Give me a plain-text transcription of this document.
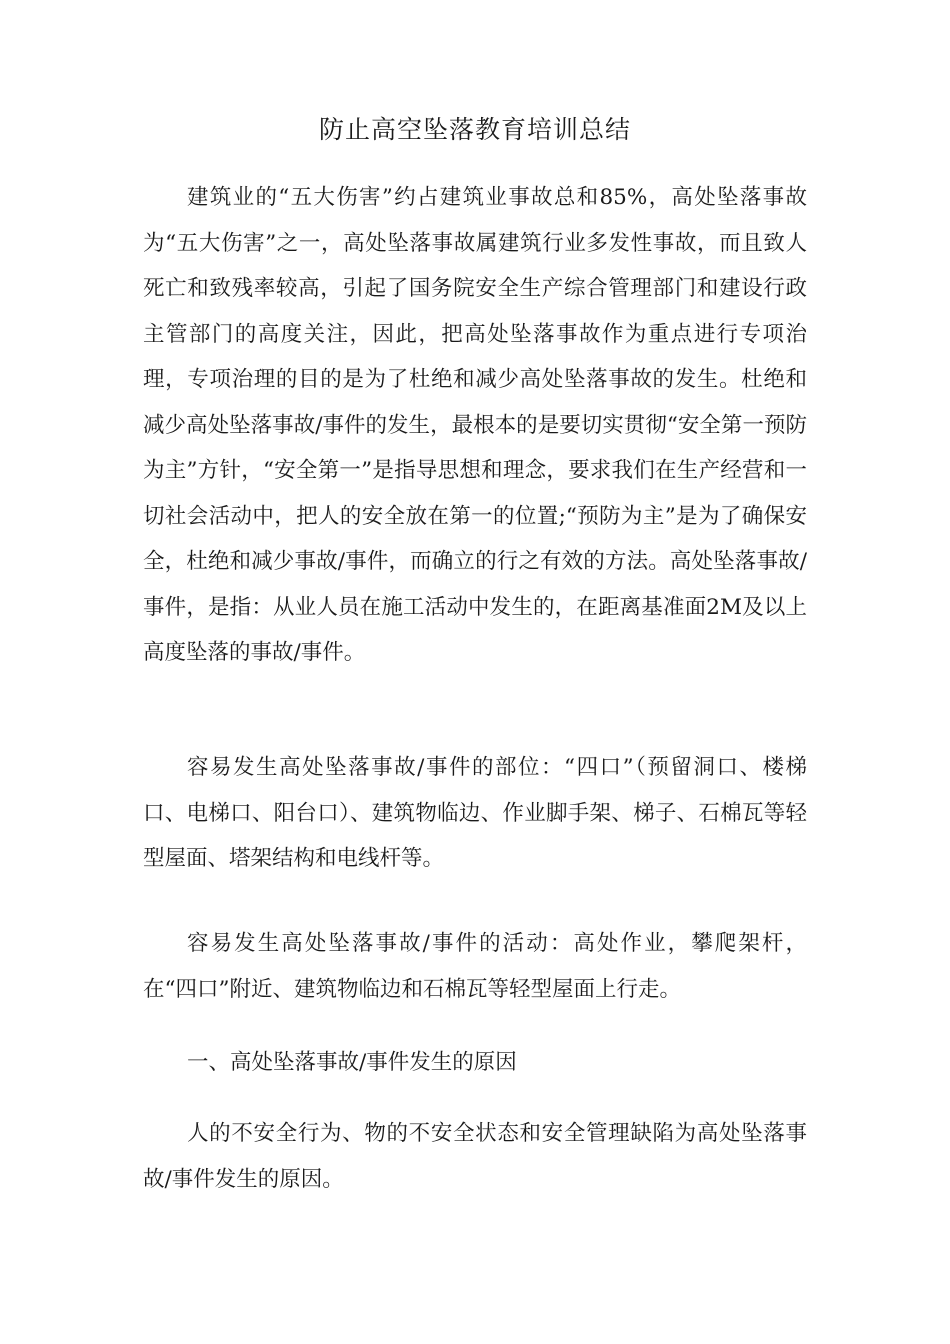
防止高空坠落教育培训总结

建筑业的“五大伤害”约占建筑业事故总和85%，高处坠落事故为“五大伤害”之一，高处坠落事故属建筑行业多发性事故，而且致人死亡和致残率较高，引起了国务院安全生产综合管理部门和建设行政主管部门的高度关注，因此，把高处坠落事故作为重点进行专项治理，专项治理的目的是为了杜绝和减少高处坠落事故的发生。杜绝和减少高处坠落事故/事件的发生，最根本的是要切实贯彻“安全第一预防为主”方针，“安全第一”是指导思想和理念，要求我们在生产经营和一切社会活动中，把人的安全放在第一的位置;“预防为主”是为了确保安全，杜绝和减少事故/事件，而确立的行之有效的方法。高处坠落事故/事件，是指：从业人员在施工活动中发生的，在距离基准面2M及以上高度坠落的事故/事件。

容易发生高处坠落事故/事件的部位：“四口”（预留洞口、楼梯口、电梯口、阳台口）、建筑物临边、作业脚手架、梯子、石棉瓦等轻型屋面、塔架结构和电线杆等。

容易发生高处坠落事故/事件的活动：高处作业，攀爬架杆，在“四口”附近、建筑物临边和石棉瓦等轻型屋面上行走。

一、高处坠落事故/事件发生的原因

人的不安全行为、物的不安全状态和安全管理缺陷为高处坠落事故/事件发生的原因。
